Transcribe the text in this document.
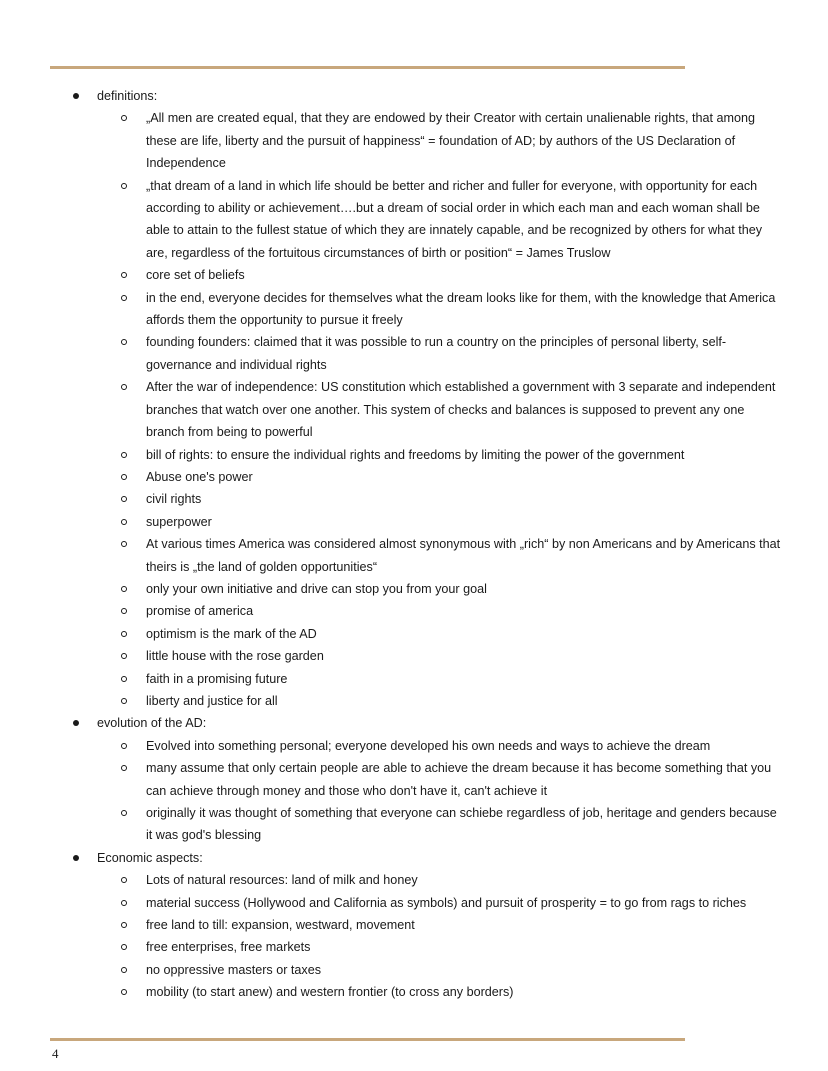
definitions:
„All men are created equal, that they are endowed by their Creator with certain unalienable rights, that among these are life, liberty and the pursuit of happiness“ = foundation of AD; by authors of the US Declaration of Independence
„that dream of a land in which life should be better and richer and fuller for everyone, with opportunity for each according to ability or achievement….but a dream of social order in which each man and each woman shall be able to attain to the fullest statue of which they are innately capable, and be recognized by others for what they are, regardless of the fortuitous circumstances of birth or position“ = James Truslow
core set of beliefs
in the end, everyone decides for themselves what the dream looks like for them, with the knowledge that America affords them the opportunity to pursue it freely
founding founders: claimed that it was possible to run a country on the principles of personal liberty, self-governance and individual rights
After the war of independence: US constitution which established a government with 3 separate and independent branches that watch over one another. This system of checks and balances is supposed to prevent any one branch from being to powerful
bill of rights: to ensure the individual rights and freedoms by limiting the power of the government
Abuse one's power
civil rights
superpower
At various times America was considered almost synonymous with „rich“ by non Americans and by Americans that theirs is „the land of golden opportunities“
only your own initiative and drive can stop you from your goal
promise of america
optimism is the mark of the AD
little house with the rose garden
faith in a promising future
liberty and justice for all
evolution of the AD:
Evolved into something personal; everyone developed his own needs and ways to achieve the dream
many assume that only certain people are able to achieve the dream because it has become something that you can achieve through money and those who don't have it, can't achieve it
originally it was thought of something that everyone can schiebe regardless of job, heritage and genders because it was god's blessing
Economic aspects:
Lots of natural resources: land of milk and honey
material success (Hollywood and California as symbols) and pursuit of prosperity = to go from rags to riches
free land to till: expansion, westward, movement
free enterprises, free markets
no oppressive masters or taxes
mobility (to start anew) and western frontier (to cross any borders)
4
